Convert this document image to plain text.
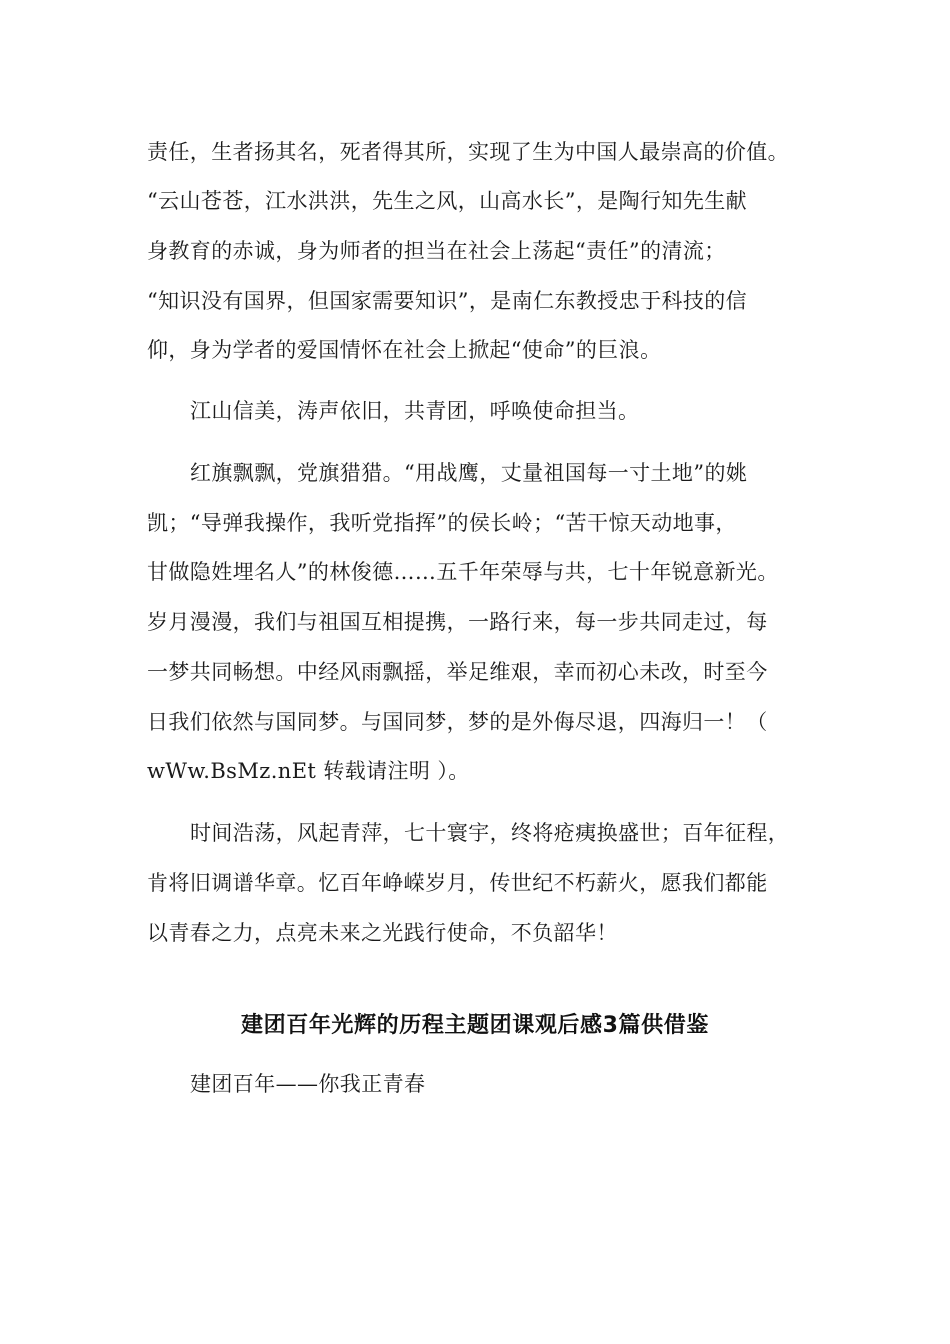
责任，生者扬其名，死者得其所，实现了生为中国人最崇高的价值。
“云山苍苍，江水洪洪，先生之风，山高水长”，是陶行知先生献
身教育的赤诚，身为师者的担当在社会上荡起“责任”的清流；
“知识没有国界，但国家需要知识”，是南仁东教授忠于科技的信
仰，身为学者的爱国情怀在社会上掀起“使命”的巨浪。
江山信美，涛声依旧，共青团，呼唤使命担当。
红旗飘飘，党旗猎猎。“用战鹰，丈量祖国每一寸土地”的姚
凯；“导弹我操作，我听党指挥”的侯长岭；“苦干惊天动地事，
甘做隐姓埋名人”的林俊德……五千年荣辱与共，七十年锐意新光。
岁月漫漫，我们与祖国互相提携，一路行来，每一步共同走过，每
一梦共同畅想。中经风雨飘摇，举足维艰，幸而初心未改，时至今
日我们依然与国同梦。与国同梦，梦的是外侮尽退，四海归一！（
wWw.BsMz.nEt 转载请注明 ）。
时间浩荡，风起青萍，七十寰宇，终将疮痍换盛世；百年征程，
肯将旧调谱华章。忆百年峥嵘岁月，传世纪不朽薪火，愿我们都能
以青春之力，点亮未来之光践行使命，不负韶华！
建团百年光辉的历程主题团课观后感3篇供借鉴
建团百年——你我正青春
